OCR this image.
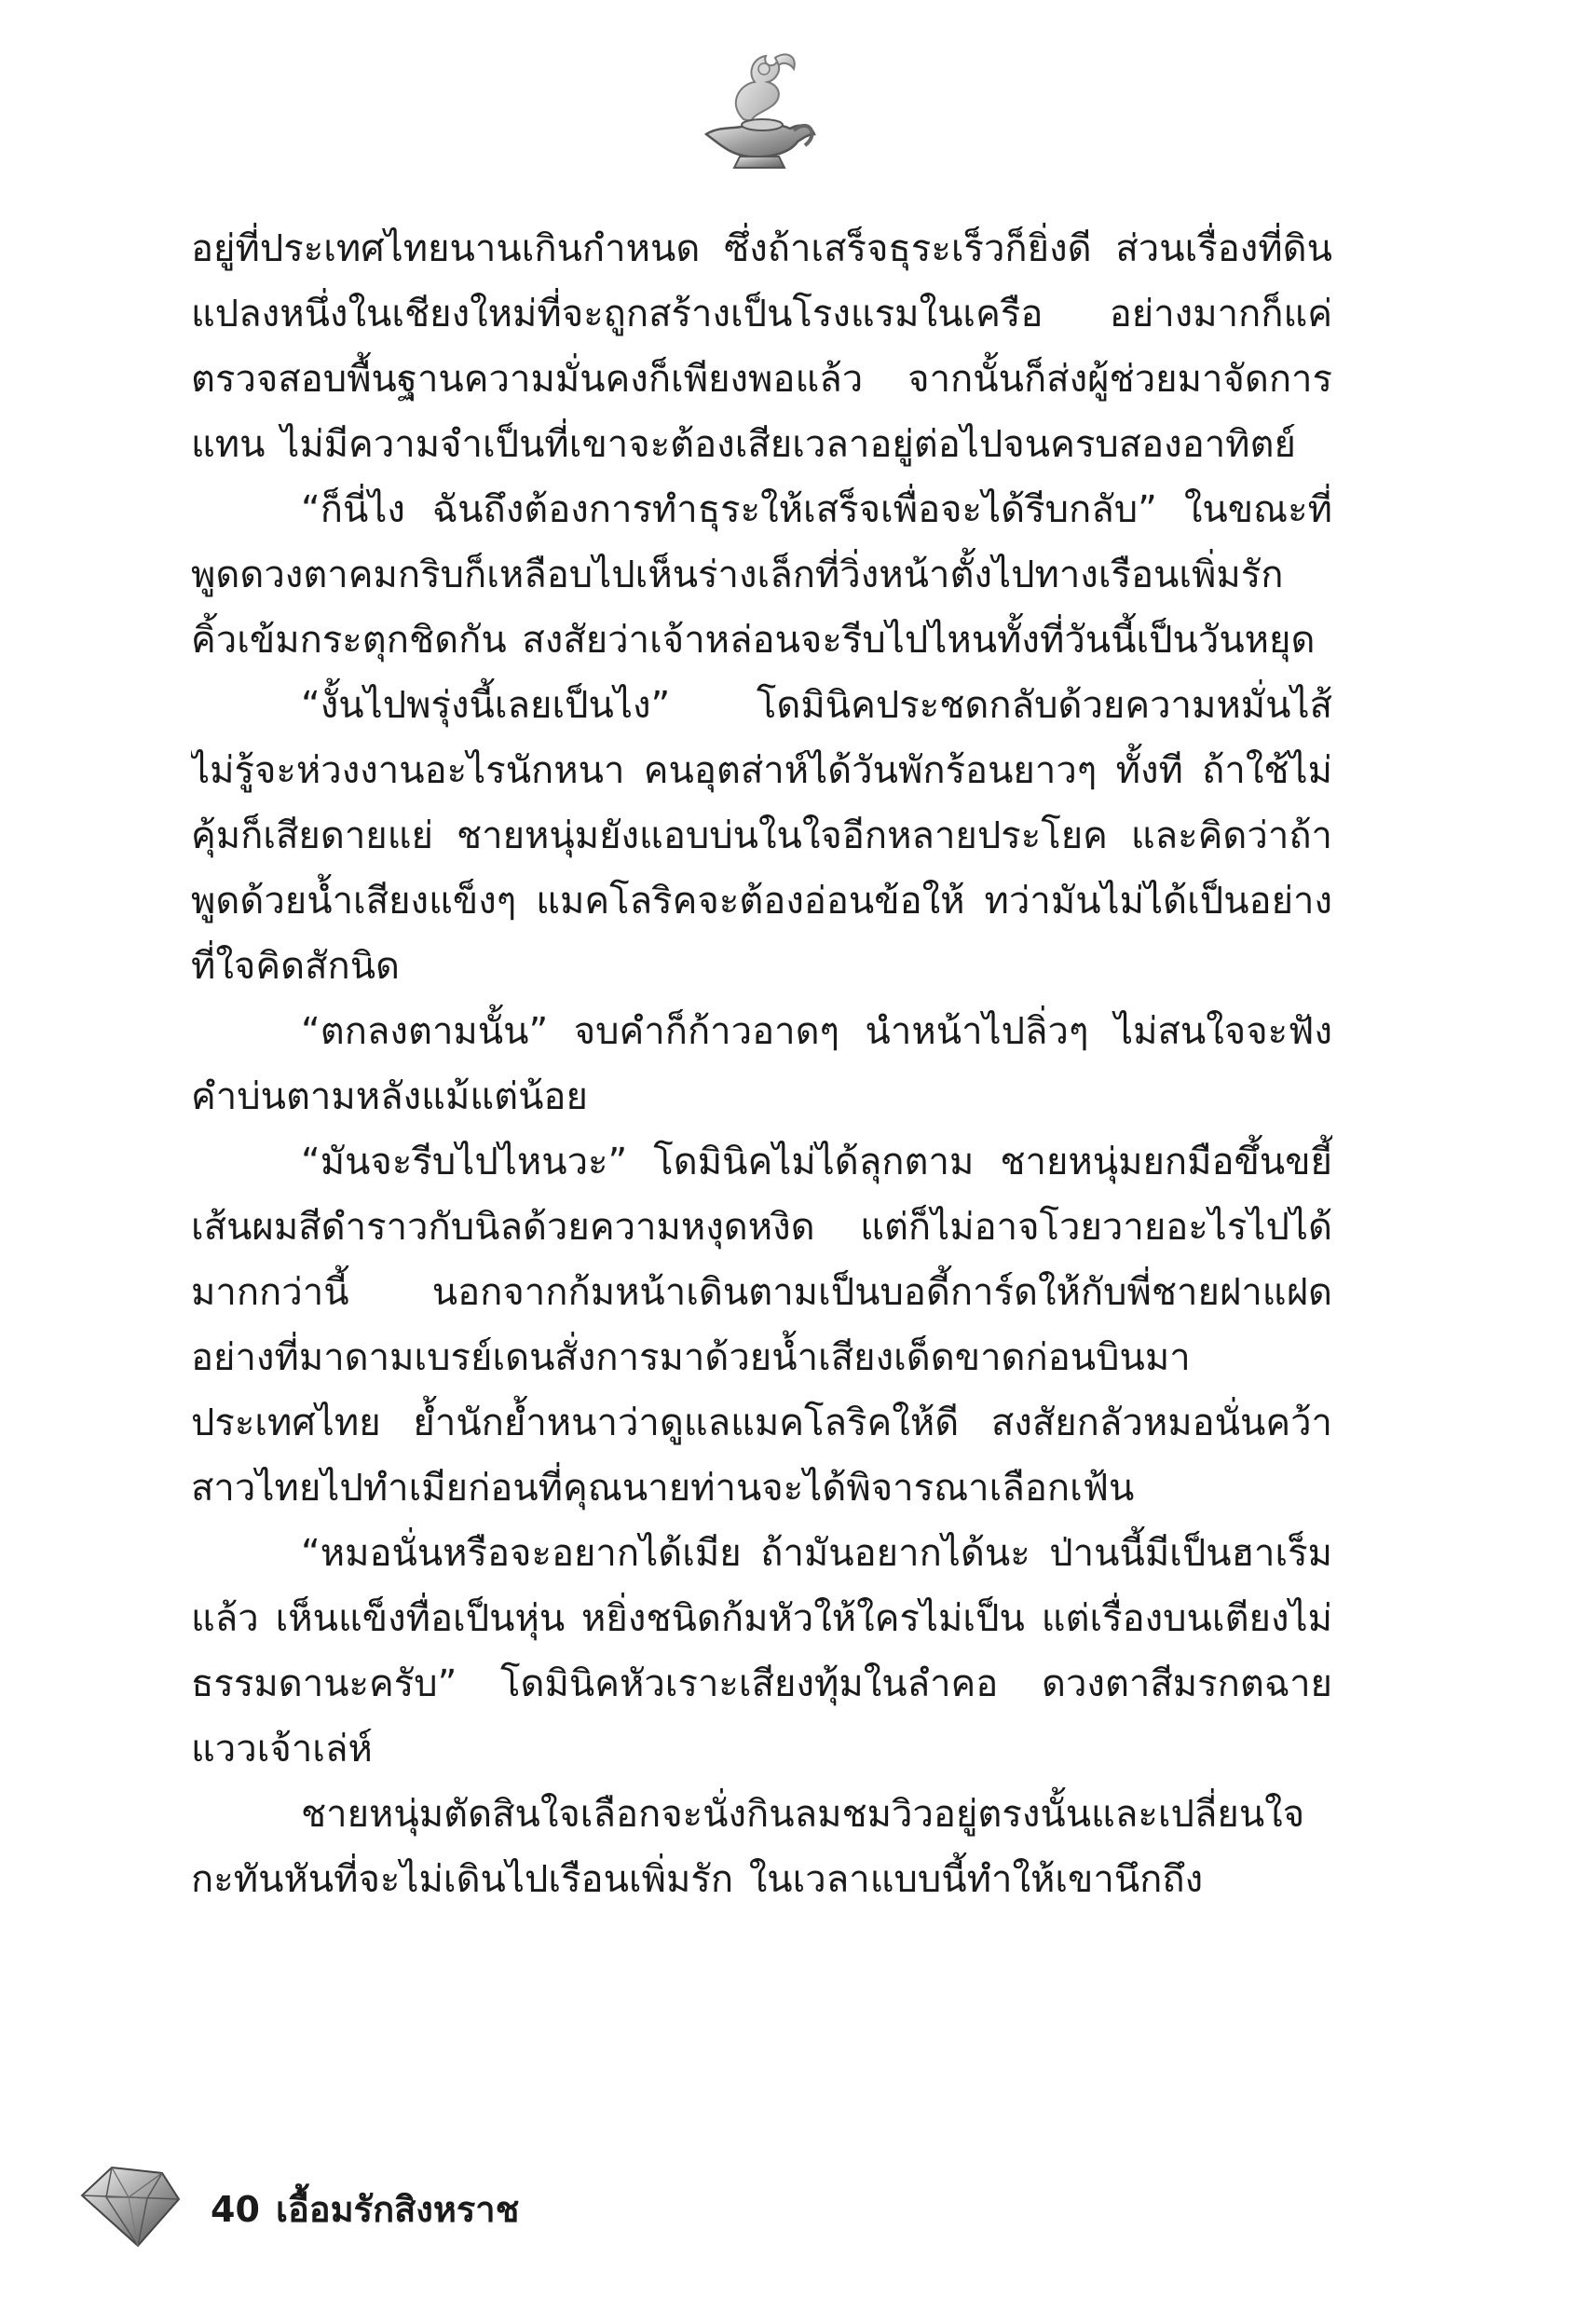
อยู่ที่ประเทศไทยนานเกินกำหนด ซึ่งถ้าเสร็จธุระเร็วก็ยิ่งดี ส่วนเรื่องที่ดินแปลงหนึ่งในเชียงใหม่ที่จะถูกสร้างเป็นโรงแรมในเครือ อย่างมากก็แค่ตรวจสอบพื้นฐานความมั่นคงก็เพียงพอแล้ว จากนั้นก็ส่งผู้ช่วยมาจัดการแทน ไม่มีความจำเป็นที่เขาจะต้องเสียเวลาอยู่ต่อไปจนครบสองอาทิตย์

“ก็นี่ไง ฉันถึงต้องการทำธุระให้เสร็จเพื่อจะได้รีบกลับ” ในขณะที่พูดดวงตาคมกริบก็เหลือบไปเห็นร่างเล็กที่วิ่งหน้าตั้งไปทางเรือนเพิ่มรัก คิ้วเข้มกระตุกชิดกัน สงสัยว่าเจ้าหล่อนจะรีบไปไหนทั้งที่วันนี้เป็นวันหยุด

“งั้นไปพรุ่งนี้เลยเป็นไง” โดมินิคประชดกลับด้วยความหมั่นไส้ ไม่รู้จะห่วงงานอะไรนักหนา คนอุตส่าห์ได้วันพักร้อนยาวๆ ทั้งที ถ้าใช้ไม่คุ้มก็เสียดายแย่ ชายหนุ่มยังแอบบ่นในใจอีกหลายประโยค และคิดว่าถ้าพูดด้วยน้ำเสียงแข็งๆ แมคโลริคจะต้องอ่อนข้อให้ ทว่ามันไม่ได้เป็นอย่างที่ใจคิดสักนิด

“ตกลงตามนั้น” จบคำก็ก้าวอาดๆ นำหน้าไปลิ่วๆ ไม่สนใจจะฟังคำบ่นตามหลังแม้แต่น้อย

“มันจะรีบไปไหนวะ” โดมินิคไม่ได้ลุกตาม ชายหนุ่มยกมือขึ้นขยี้เส้นผมสีดำราวกับนิลด้วยความหงุดหงิด แต่ก็ไม่อาจโวยวายอะไรไปได้มากกว่านี้ นอกจากก้มหน้าเดินตามเป็นบอดี้การ์ดให้กับพี่ชายฝาแฝดอย่างที่มาดามเบรย์เดนสั่งการมาด้วยน้ำเสียงเด็ดขาดก่อนบินมาประเทศไทย ย้ำนักย้ำหนาว่าดูแลแมคโลริคให้ดี สงสัยกลัวหมอนั่นคว้าสาวไทยไปทำเมียก่อนที่คุณนายท่านจะได้พิจารณาเลือกเฟ้น

“หมอนั่นหรือจะอยากได้เมีย ถ้ามันอยากได้นะ ป่านนี้มีเป็นฮาเร็มแล้ว เห็นแข็งทื่อเป็นหุ่น หยิ่งชนิดก้มหัวให้ใครไม่เป็น แต่เรื่องบนเตียงไม่ธรรมดานะครับ” โดมินิคหัวเราะเสียงทุ้มในลำคอ ดวงตาสีมรกตฉายแววเจ้าเล่ห์

ชายหนุ่มตัดสินใจเลือกจะนั่งกินลมชมวิวอยู่ตรงนั้นและเปลี่ยนใจกะทันหันที่จะไม่เดินไปเรือนเพิ่มรัก ในเวลาแบบนี้ทำให้เขานึกถึง

40 เอื้อมรักสิงหราช
